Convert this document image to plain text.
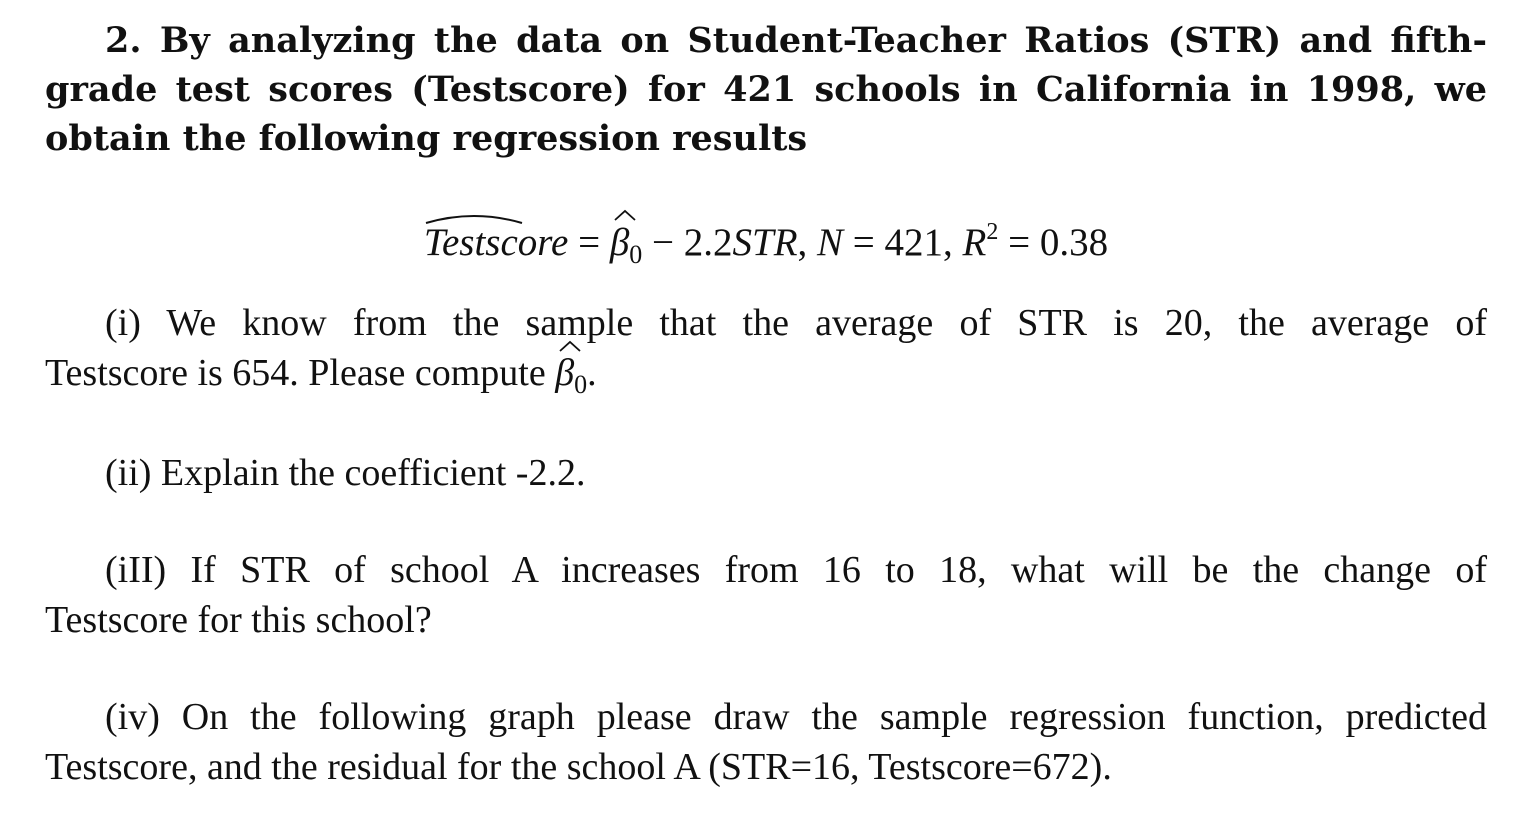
2. By analyzing the data on Student-Teacher Ratios (STR) and fifth-
grade test scores (Testscore) for 421 schools in California in 1998, we
obtain the following regression results

Testscore =
$\beta_0 - 2.2STR$, N = 421, $R^2 = 0.38$
(i) We know from the sample that the average of STR is 20, the average of
Testscore is 654. Please compute
$\beta_0$.
(ii) Explain the coefficient -2.2.
(iII) If STR of school A increases from 16 to 18, what will be the change of
Testscore for this school?
(iv) On the following graph please draw the sample regression function, predicted
Testscore, and the residual for the school A (STR=16, Testscore=672).
